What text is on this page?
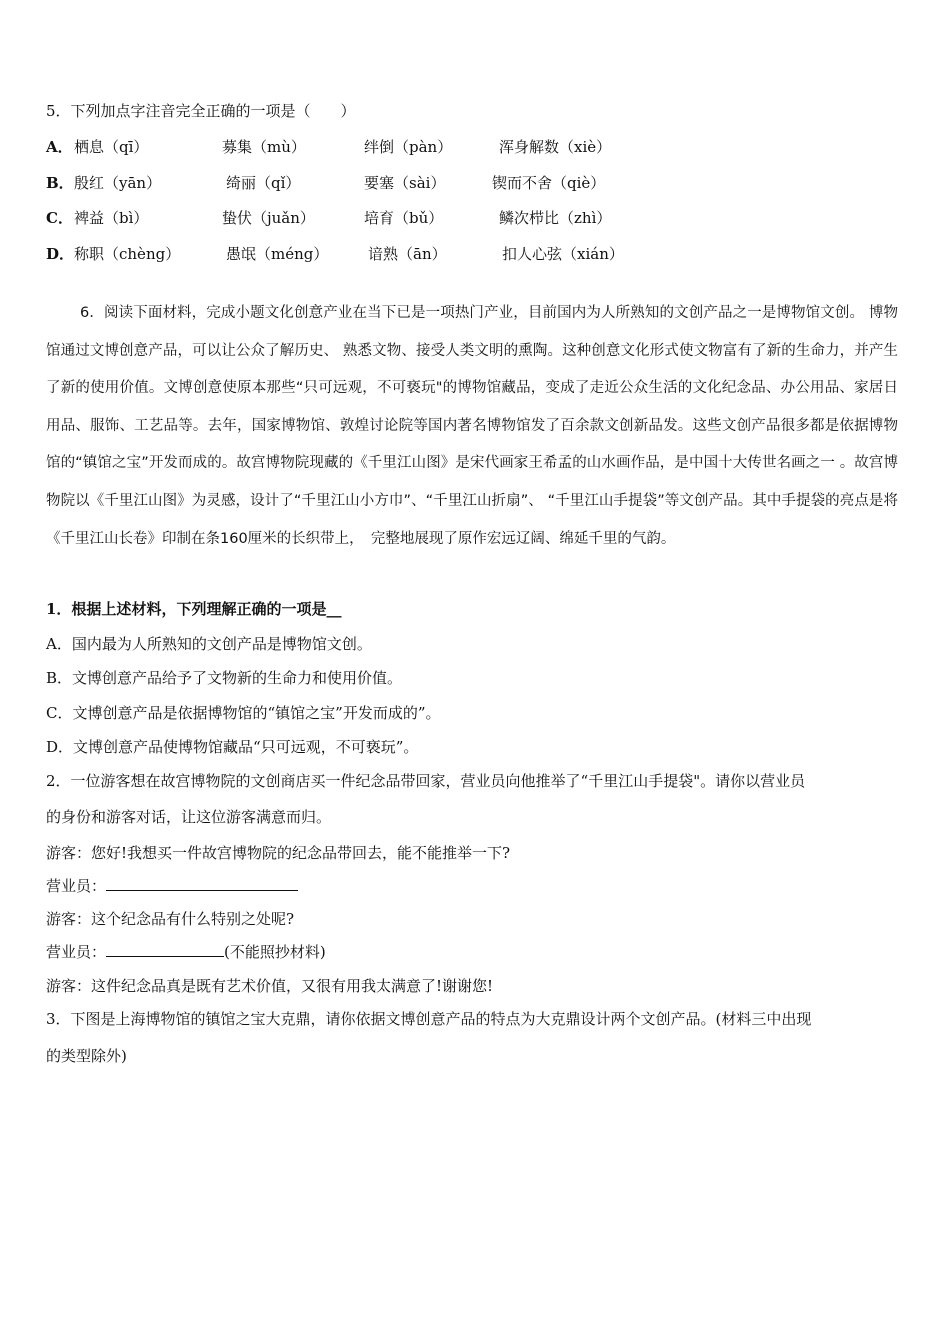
5．下列加点字注音完全正确的一项是（　　）
A． 栖息（qī）	募集（mù）	绊倒（pàn）	浑身解数（xiè）
B． 殷红（yān）	绮丽（qǐ）	要塞（sài）	锲而不舍（qiè）
C． 裨益（bì）	蛰伏（juǎn）	培育（bǔ）	鳞次栉比（zhì）
D． 称职（chèng）	愚氓（méng）	谙熟（ān）	扣人心弦（xián）

6．阅读下面材料，完成小题文化创意产业在当下已是一项热门产业，目前国内为人所熟知的文创产品之一是博物馆文创。 博物馆通过文博创意产品，可以让公众了解历史、 熟悉文物、接受人类文明的熏陶。这种创意文化形式使文物富有了新的生命力，并产生了新的使用价值。文博创意使原本那些“只可远观，不可亵玩"的博物馆藏品，变成了走近公众生活的文化纪念品、办公用品、家居日用品、服饰、工艺品等。去年，国家博物馆、敦煌讨论院等国内著名博物馆发了百余款文创新品发。这些文创产品很多都是依据博物馆的“镇馆之宝”开发而成的。故宫博物院现藏的《千里江山图》是宋代画家王希孟的山水画作品，是中国十大传世名画之一 。故宫博物院以《千里江山图》为灵感，设计了“千里江山小方巾”、“千里江山折扇”、 “千里江山手提袋”等文创产品。其中手提袋的亮点是将《千里江山长卷》印制在条160厘米的长织带上，　完整地展现了原作宏远辽阔、绵延千里的气韵。

1．根据上述材料，下列理解正确的一项是__
A．国内最为人所熟知的文创产品是博物馆文创。
B．文博创意产品给予了文物新的生命力和使用价值。
C．文博创意产品是依据博物馆的“镇馆之宝”开发而成的”。
D．文博创意产品使博物馆藏品“只可远观，不可亵玩”。
2．一位游客想在故宫博物院的文创商店买一件纪念品带回家，营业员向他推举了“千里江山手提袋"。请你以营业员
的身份和游客对话，让这位游客满意而归。
游客：您好!我想买一件故宫博物院的纪念品带回去，能不能推举一下?
营业员：
游客：这个纪念品有什么特别之处呢?
营业员：	(不能照抄材料)
游客：这件纪念品真是既有艺术价值，又很有用我太满意了!谢谢您!
3．下图是上海博物馆的镇馆之宝大克鼎，请你依据文博创意产品的特点为大克鼎设计两个文创产品。(材料三中出现
的类型除外)
